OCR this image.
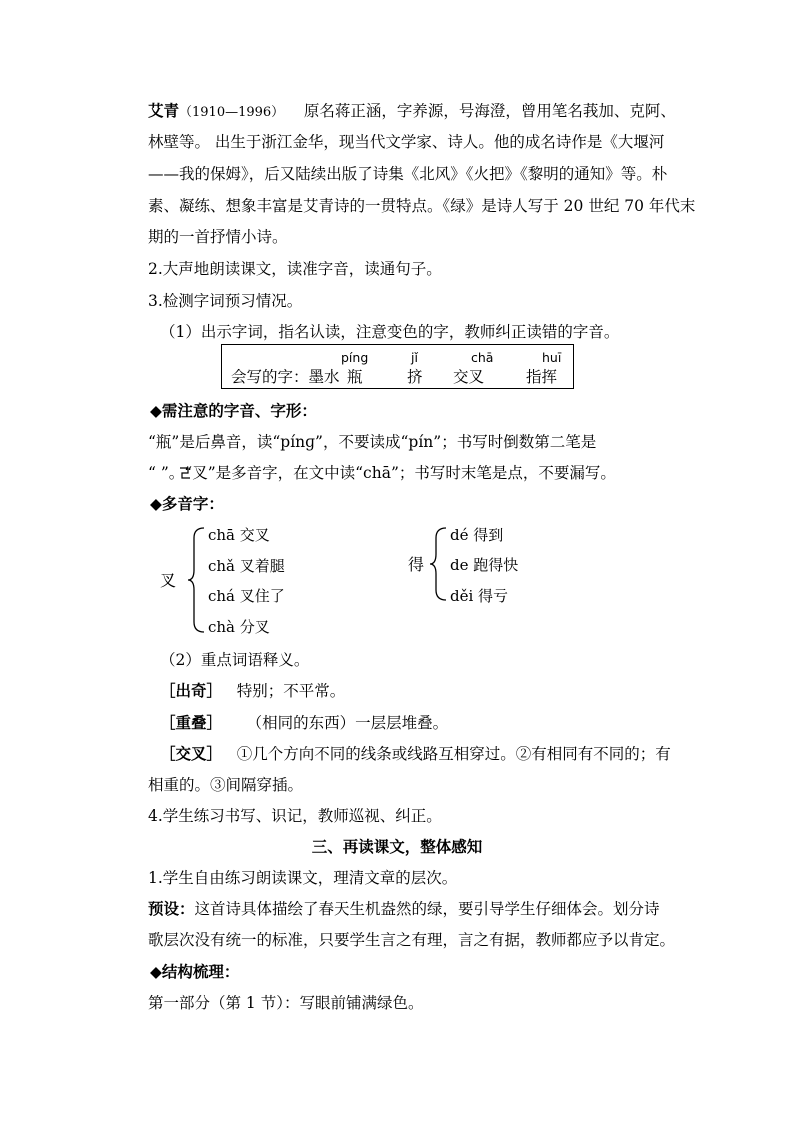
艾青（1910—1996） 原名蒋正涵，字养源，号海澄，曾用笔名莪加、克阿、
林壁等。 出生于浙江金华，现当代文学家、诗人。他的成名诗作是《大堰河
——我的保姆》，后又陆续出版了诗集《北风》《火把》《黎明的通知》等。朴
素、凝练、想象丰富是艾青诗的一贯特点。《绿》是诗人写于 20 世纪 70 年代末
期的一首抒情小诗。
2.大声地朗读课文，读准字音，读通句子。
3.检测字词预习情况。
（1）出示字词，指名认读，注意变色的字，教师纠正读错的字音。
会写的字：墨水
píng
瓶
jǐ
挤
chā
交叉
huī
指挥
◆需注意的字音、字形：
“瓶”是后鼻音，读“pínɡ”，不要读成“pín”；书写时倒数第二笔是
“ ”。“叉”是多音字，在文中读“chā”；书写时末笔是点，不要漏写。
◆多音字：
叉
chā 交叉
chǎ 叉着腿
chá 叉住了
chà 分叉
得
dé 得到
de 跑得快
děi 得亏
（2）重点词语释义。
［出奇］ 特别；不平常。
［重叠］ （相同的东西）一层层堆叠。
［交叉］ ①几个方向不同的线条或线路互相穿过。②有相同有不同的；有
相重的。③间隔穿插。
4.学生练习书写、识记，教师巡视、纠正。
三、再读课文，整体感知
1.学生自由练习朗读课文，理清文章的层次。
预设：这首诗具体描绘了春天生机盎然的绿，要引导学生仔细体会。划分诗
歌层次没有统一的标准，只要学生言之有理，言之有据，教师都应予以肯定。
◆结构梳理：
第一部分（第 1 节）：写眼前铺满绿色。
